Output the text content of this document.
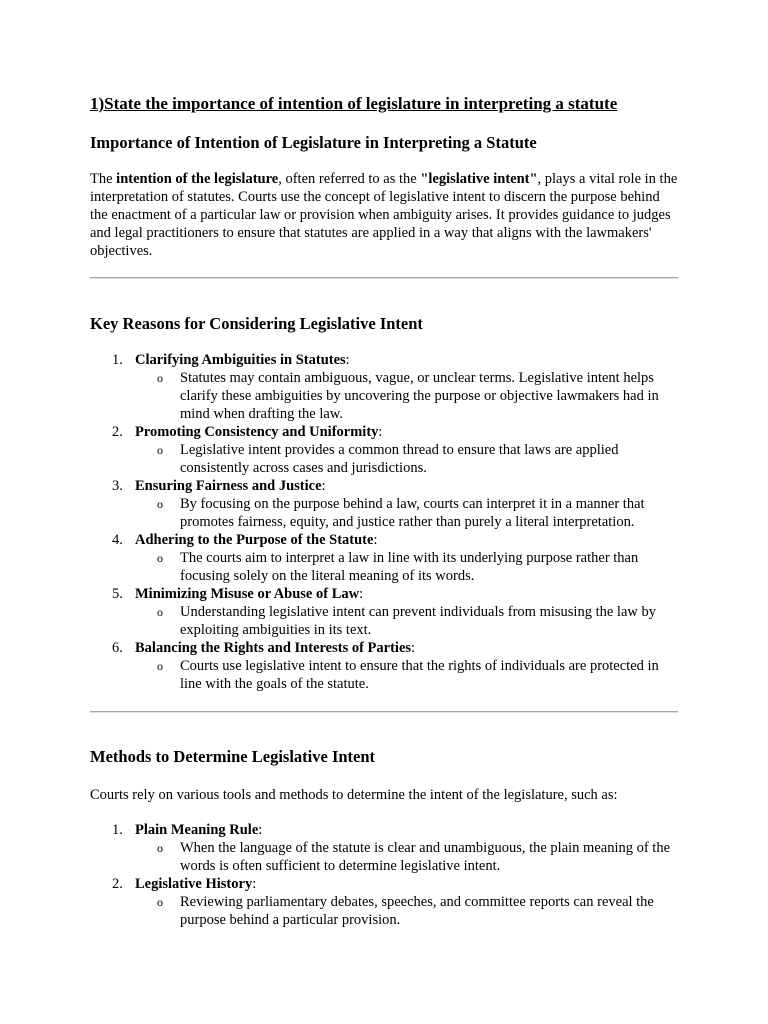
1)State the importance of intention of legislature in interpreting a statute
Importance of Intention of Legislature in Interpreting a Statute

The intention of the legislature, often referred to as the "legislative intent", plays a vital role in the interpretation of statutes. Courts use the concept of legislative intent to discern the purpose behind the enactment of a particular law or provision when ambiguity arises. It provides guidance to judges and legal practitioners to ensure that statutes are applied in a way that aligns with the lawmakers' objectives.

Key Reasons for Considering Legislative Intent
1. Clarifying Ambiguities in Statutes:
o Statutes may contain ambiguous, vague, or unclear terms. Legislative intent helps clarify these ambiguities by uncovering the purpose or objective lawmakers had in mind when drafting the law.
2. Promoting Consistency and Uniformity:
o Legislative intent provides a common thread to ensure that laws are applied consistently across cases and jurisdictions.
3. Ensuring Fairness and Justice:
o By focusing on the purpose behind a law, courts can interpret it in a manner that promotes fairness, equity, and justice rather than purely a literal interpretation.
4. Adhering to the Purpose of the Statute:
o The courts aim to interpret a law in line with its underlying purpose rather than focusing solely on the literal meaning of its words.
5. Minimizing Misuse or Abuse of Law:
o Understanding legislative intent can prevent individuals from misusing the law by exploiting ambiguities in its text.
6. Balancing the Rights and Interests of Parties:
o Courts use legislative intent to ensure that the rights of individuals are protected in line with the goals of the statute.
Methods to Determine Legislative Intent

Courts rely on various tools and methods to determine the intent of the legislature, such as:

1. Plain Meaning Rule:
o When the language of the statute is clear and unambiguous, the plain meaning of the words is often sufficient to determine legislative intent.
2. Legislative History:
o Reviewing parliamentary debates, speeches, and committee reports can reveal the purpose behind a particular provision.
